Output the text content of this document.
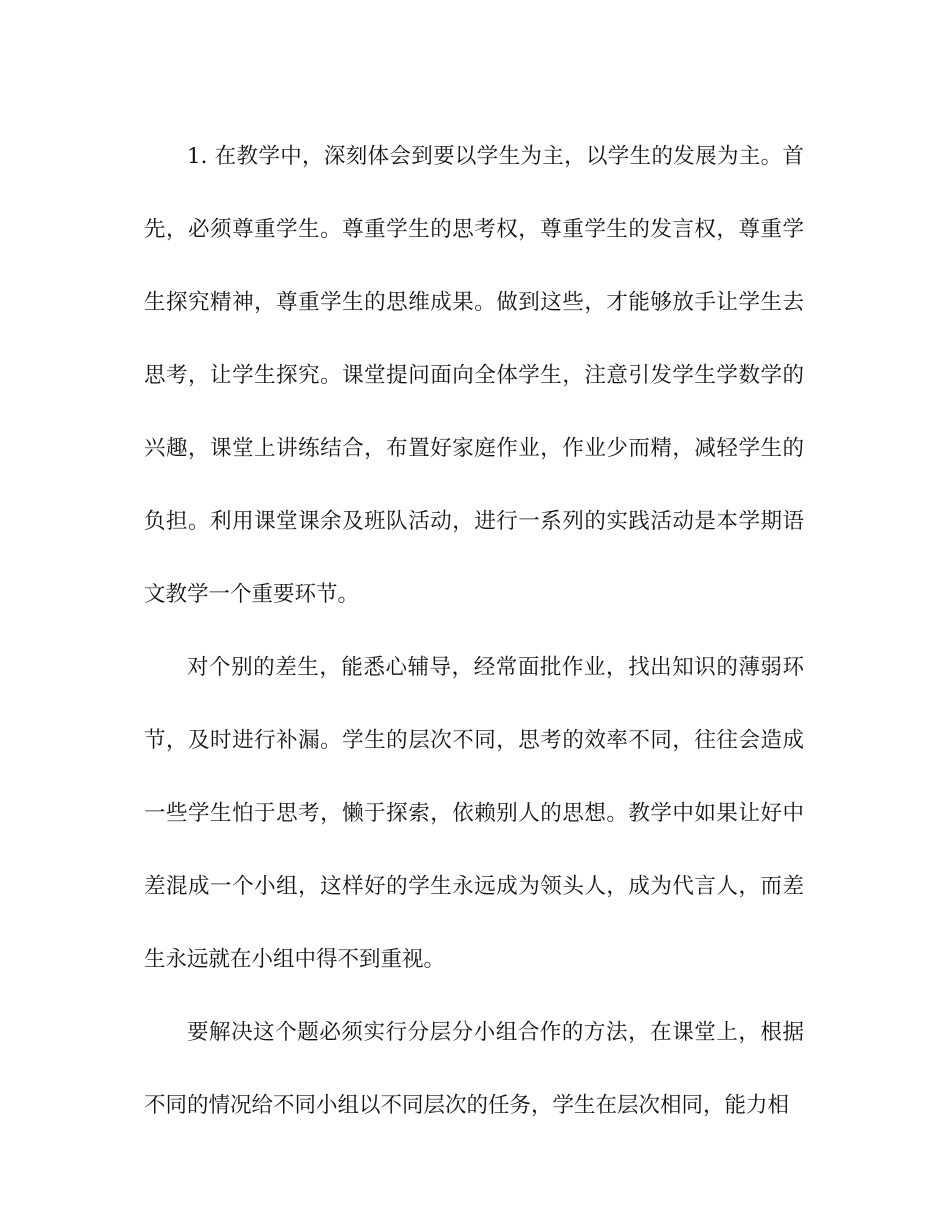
1. 在教学中，深刻体会到要以学生为主，以学生的发展为主。首先，必须尊重学生。尊重学生的思考权，尊重学生的发言权，尊重学生探究精神，尊重学生的思维成果。做到这些，才能够放手让学生去思考，让学生探究。课堂提问面向全体学生，注意引发学生学数学的兴趣，课堂上讲练结合，布置好家庭作业，作业少而精，减轻学生的负担。利用课堂课余及班队活动，进行一系列的实践活动是本学期语文教学一个重要环节。

对个别的差生，能悉心辅导，经常面批作业，找出知识的薄弱环节，及时进行补漏。学生的层次不同，思考的效率不同，往往会造成一些学生怕于思考，懒于探索，依赖别人的思想。教学中如果让好中差混成一个小组，这样好的学生永远成为领头人，成为代言人，而差生永远就在小组中得不到重视。

要解决这个题必须实行分层分小组合作的方法，在课堂上，根据不同的情况给不同小组以不同层次的任务，学生在层次相同，能力相
